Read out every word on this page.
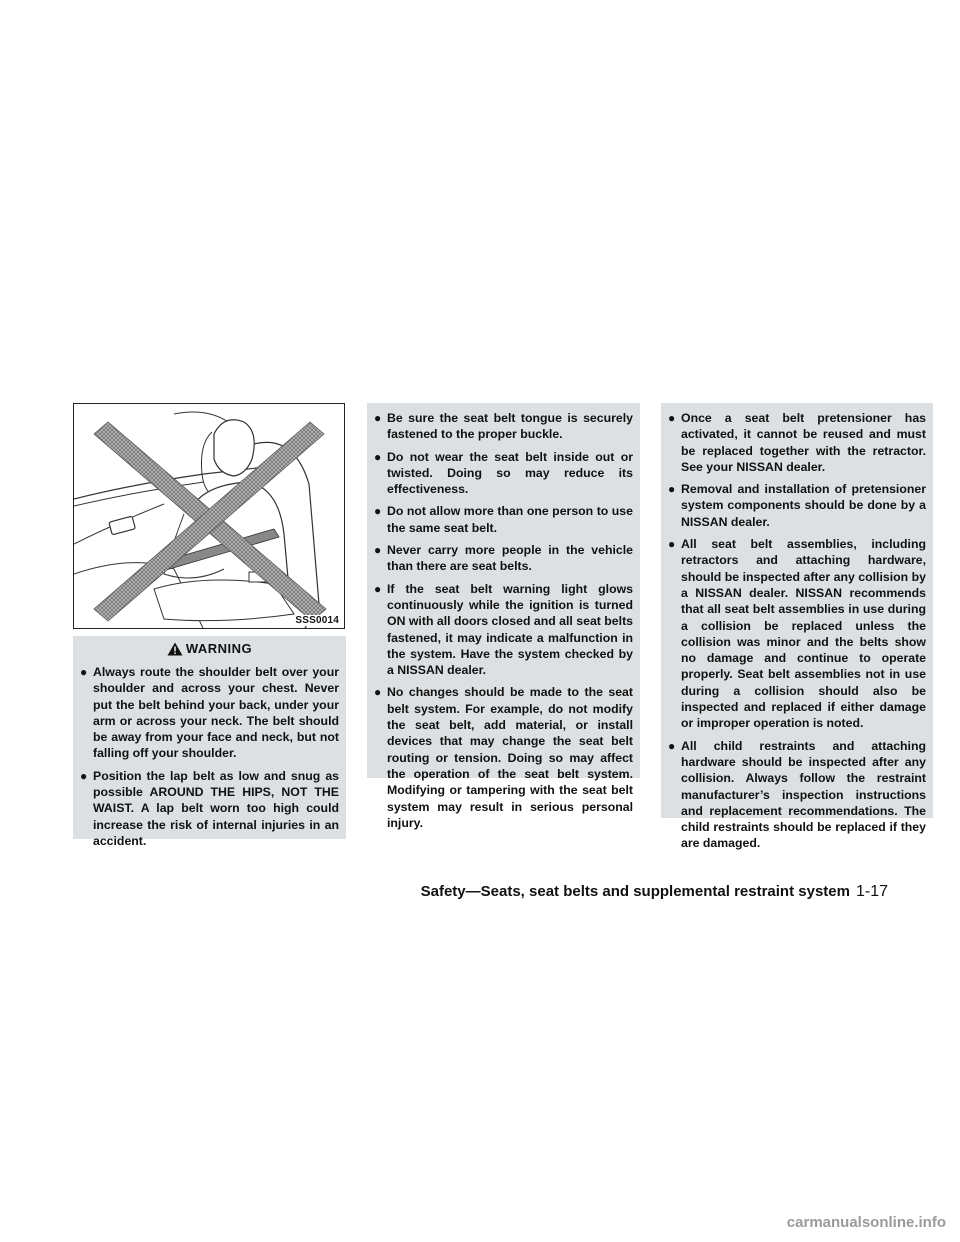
SSS0014
WARNING
● Always route the shoulder belt over your shoulder and across your chest. Never put the belt behind your back, under your arm or across your neck. The belt should be away from your face and neck, but not falling off your shoulder.
● Position the lap belt as low and snug as possible AROUND THE HIPS, NOT THE WAIST. A lap belt worn too high could increase the risk of internal injuries in an accident.
● Be sure the seat belt tongue is securely fastened to the proper buckle.
● Do not wear the seat belt inside out or twisted. Doing so may reduce its effectiveness.
● Do not allow more than one person to use the same seat belt.
● Never carry more people in the vehicle than there are seat belts.
● If the seat belt warning light glows continuously while the ignition is turned ON with all doors closed and all seat belts fastened, it may indicate a malfunction in the system. Have the system checked by a NISSAN dealer.
● No changes should be made to the seat belt system. For example, do not modify the seat belt, add material, or install devices that may change the seat belt routing or tension. Doing so may affect the operation of the seat belt system. Modifying or tampering with the seat belt system may result in serious personal injury.
● Once a seat belt pretensioner has activated, it cannot be reused and must be replaced together with the retractor. See your NISSAN dealer.
● Removal and installation of pretensioner system components should be done by a NISSAN dealer.
● All seat belt assemblies, including retractors and attaching hardware, should be inspected after any collision by a NISSAN dealer. NISSAN recommends that all seat belt assemblies in use during a collision be replaced unless the collision was minor and the belts show no damage and continue to operate properly. Seat belt assemblies not in use during a collision should also be inspected and replaced if either damage or improper operation is noted.
● All child restraints and attaching hardware should be inspected after any collision. Always follow the restraint manufacturer’s inspection instructions and replacement recommendations. The child restraints should be replaced if they are damaged.
Safety—Seats, seat belts and supplemental restraint system 1-17
carmanualsonline.info
